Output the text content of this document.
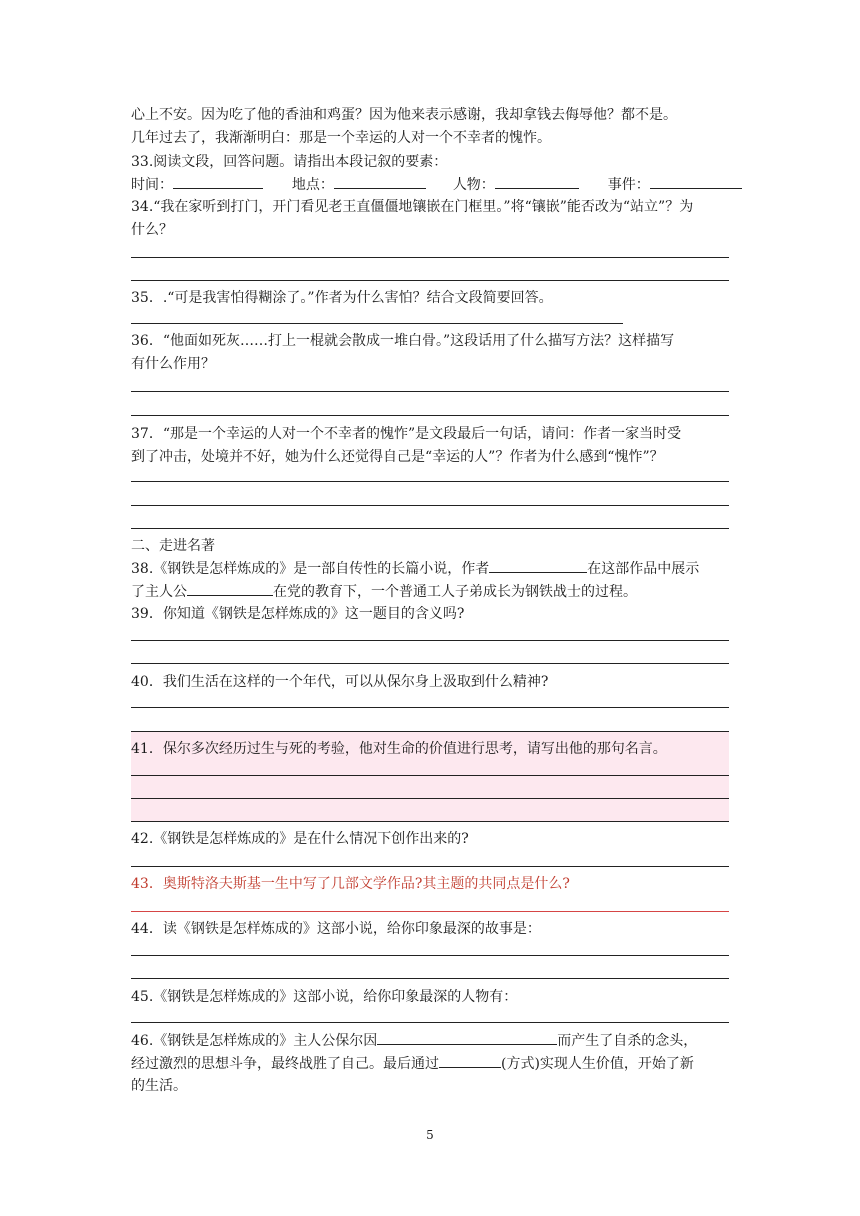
心上不安。因为吃了他的香油和鸡蛋？因为他来表示感谢，我却拿钱去侮辱他？都不是。
几年过去了，我渐渐明白：那是一个幸运的人对一个不幸者的愧怍。
33.阅读文段，回答问题。请指出本段记叙的要素：
时间：	地点：	人物：	事件：
34.“我在家听到打门，开门看见老王直僵僵地镶嵌在门框里。”将“镶嵌”能否改为“站立”？为
什么？
35．.“可是我害怕得糊涂了。”作者为什么害怕？结合文段简要回答。
36．“他面如死灰……打上一棍就会散成一堆白骨。”这段话用了什么描写方法？这样描写
有什么作用？
37．“那是一个幸运的人对一个不幸者的愧怍”是文段最后一句话，请问：作者一家当时受
到了冲击，处境并不好，她为什么还觉得自己是“幸运的人”？作者为什么感到“愧怍”？
二、走进名著
38.《钢铁是怎样炼成的》是一部自传性的长篇小说，作者	在这部作品中展示
了主人公	在党的教育下，一个普通工人子弟成长为钢铁战士的过程。
39．你知道《钢铁是怎样炼成的》这一题目的含义吗?
40．我们生活在这样的一个年代，可以从保尔身上汲取到什么精神?
41．保尔多次经历过生与死的考验，他对生命的价值进行思考，请写出他的那句名言。
42.《钢铁是怎样炼成的》是在什么情况下创作出来的?
43．奥斯特洛夫斯基一生中写了几部文学作品?其主题的共同点是什么?
44．读《钢铁是怎样炼成的》这部小说，给你印象最深的故事是：
45.《钢铁是怎样炼成的》这部小说，给你印象最深的人物有：
46.《钢铁是怎样炼成的》主人公保尔因	而产生了自杀的念头，
经过激烈的思想斗争，最终战胜了自己。最后通过	(方式)实现人生价值，开始了新
的生活。
5
